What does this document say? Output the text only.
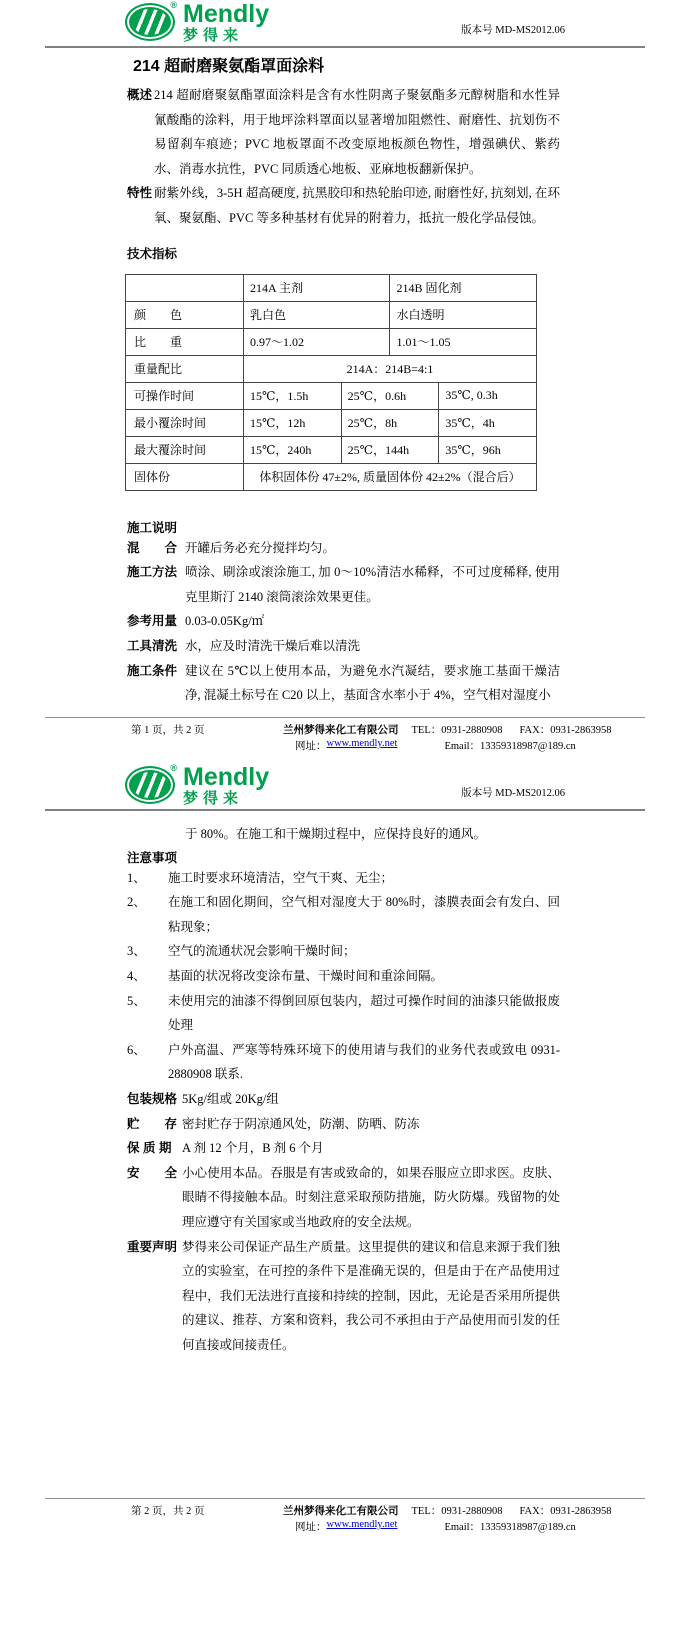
® Mendly
梦得来	版本号 MD-MS2012.06
214 超耐磨聚氨酯罩面涂料
概述 214 超耐磨聚氨酯罩面涂料是含有水性阴离子聚氨酯多元醇树脂和水性异氰酸酯的涂料，用于地坪涂料罩面以显著增加阻燃性、耐磨性、抗划伤不易留刹车痕迹；PVC 地板罩面不改变原地板颜色物性，增强碘伏、紫药水、消毒水抗性，PVC 同质透心地板、亚麻地板翻新保护。
特性 耐紫外线，3-5H 超高硬度, 抗黑胶印和热轮胎印迹, 耐磨性好, 抗刻划, 在环氧、聚氨酯、PVC 等多种基材有优异的附着力，抵抗一般化学品侵蚀。
技术指标
	214A 主剂		214B 固化剂	
颜　　色	乳白色		水白透明	
比　　重	0.97～1.02		1.01～1.05	
重量配比	214A：214B=4:1			
可操作时间	15℃，1.5h	25℃，0.6h		35℃, 0.3h
最小覆涂时间	15℃，12h	25℃，8h		35℃，4h
最大覆涂时间	15℃，240h	25℃，144h		35℃，96h
固体份	体积固体份 47±2%, 质量固体份 42±2%（混合后）			
施工说明
混　　合 开罐后务必充分搅拌均匀。
施工方法 喷涂、刷涂或滚涂施工, 加 0～10%清洁水稀释，不可过度稀释, 使用克里斯汀 2140 滚筒滚涂效果更佳。
参考用量 0.03-0.05Kg/㎡
工具清洗 水，应及时清洗干燥后难以清洗
施工条件 建议在 5℃以上使用本品，为避免水汽凝结，要求施工基面干燥洁净, 混凝土标号在 C20 以上，基面含水率小于 4%，空气相对湿度小
第 1 页，共 2 页	兰州梦得来化工有限公司 TEL：0931-2880908 FAX：0931-2863958
网址： www.mendly.net	Email：13359318987@189.cn
® Mendly
梦得来	版本号 MD-MS2012.06
于 80%。在施工和干燥期过程中，应保持良好的通风。
注意事项
1、	施工时要求环境清洁，空气干爽、无尘；
2、	在施工和固化期间，空气相对湿度大于 80%时，漆膜表面会有发白、回粘现象；
3、	空气的流通状况会影响干燥时间；
4、	基面的状况将改变涂布量、干燥时间和重涂间隔。
5、	未使用完的油漆不得倒回原包装内，超过可操作时间的油漆只能做报废处理
6、	户外高温、严寒等特殊环境下的使用请与我们的业务代表或致电 0931-2880908 联系.
包装规格 5Kg/组或 20Kg/组
贮　　存 密封贮存于阴凉通风处，防潮、防晒、防冻
保 质 期 A 剂 12 个月，B 剂 6 个月
安　　全 小心使用本品。吞服是有害或致命的，如果吞服应立即求医。皮肤、眼睛不得接触本品。时刻注意采取预防措施，防火防爆。残留物的处理应遵守有关国家或当地政府的安全法规。
重要声明 梦得来公司保证产品生产质量。这里提供的建议和信息来源于我们独立的实验室，在可控的条件下是准确无误的，但是由于在产品使用过程中，我们无法进行直接和持续的控制，因此，无论是否采用所提供的建议、推荐、方案和资料，我公司不承担由于产品使用而引发的任何直接或间接责任。
第 2 页，共 2 页	兰州梦得来化工有限公司 TEL：0931-2880908 FAX：0931-2863958
网址： www.mendly.net	Email：13359318987@189.cn
